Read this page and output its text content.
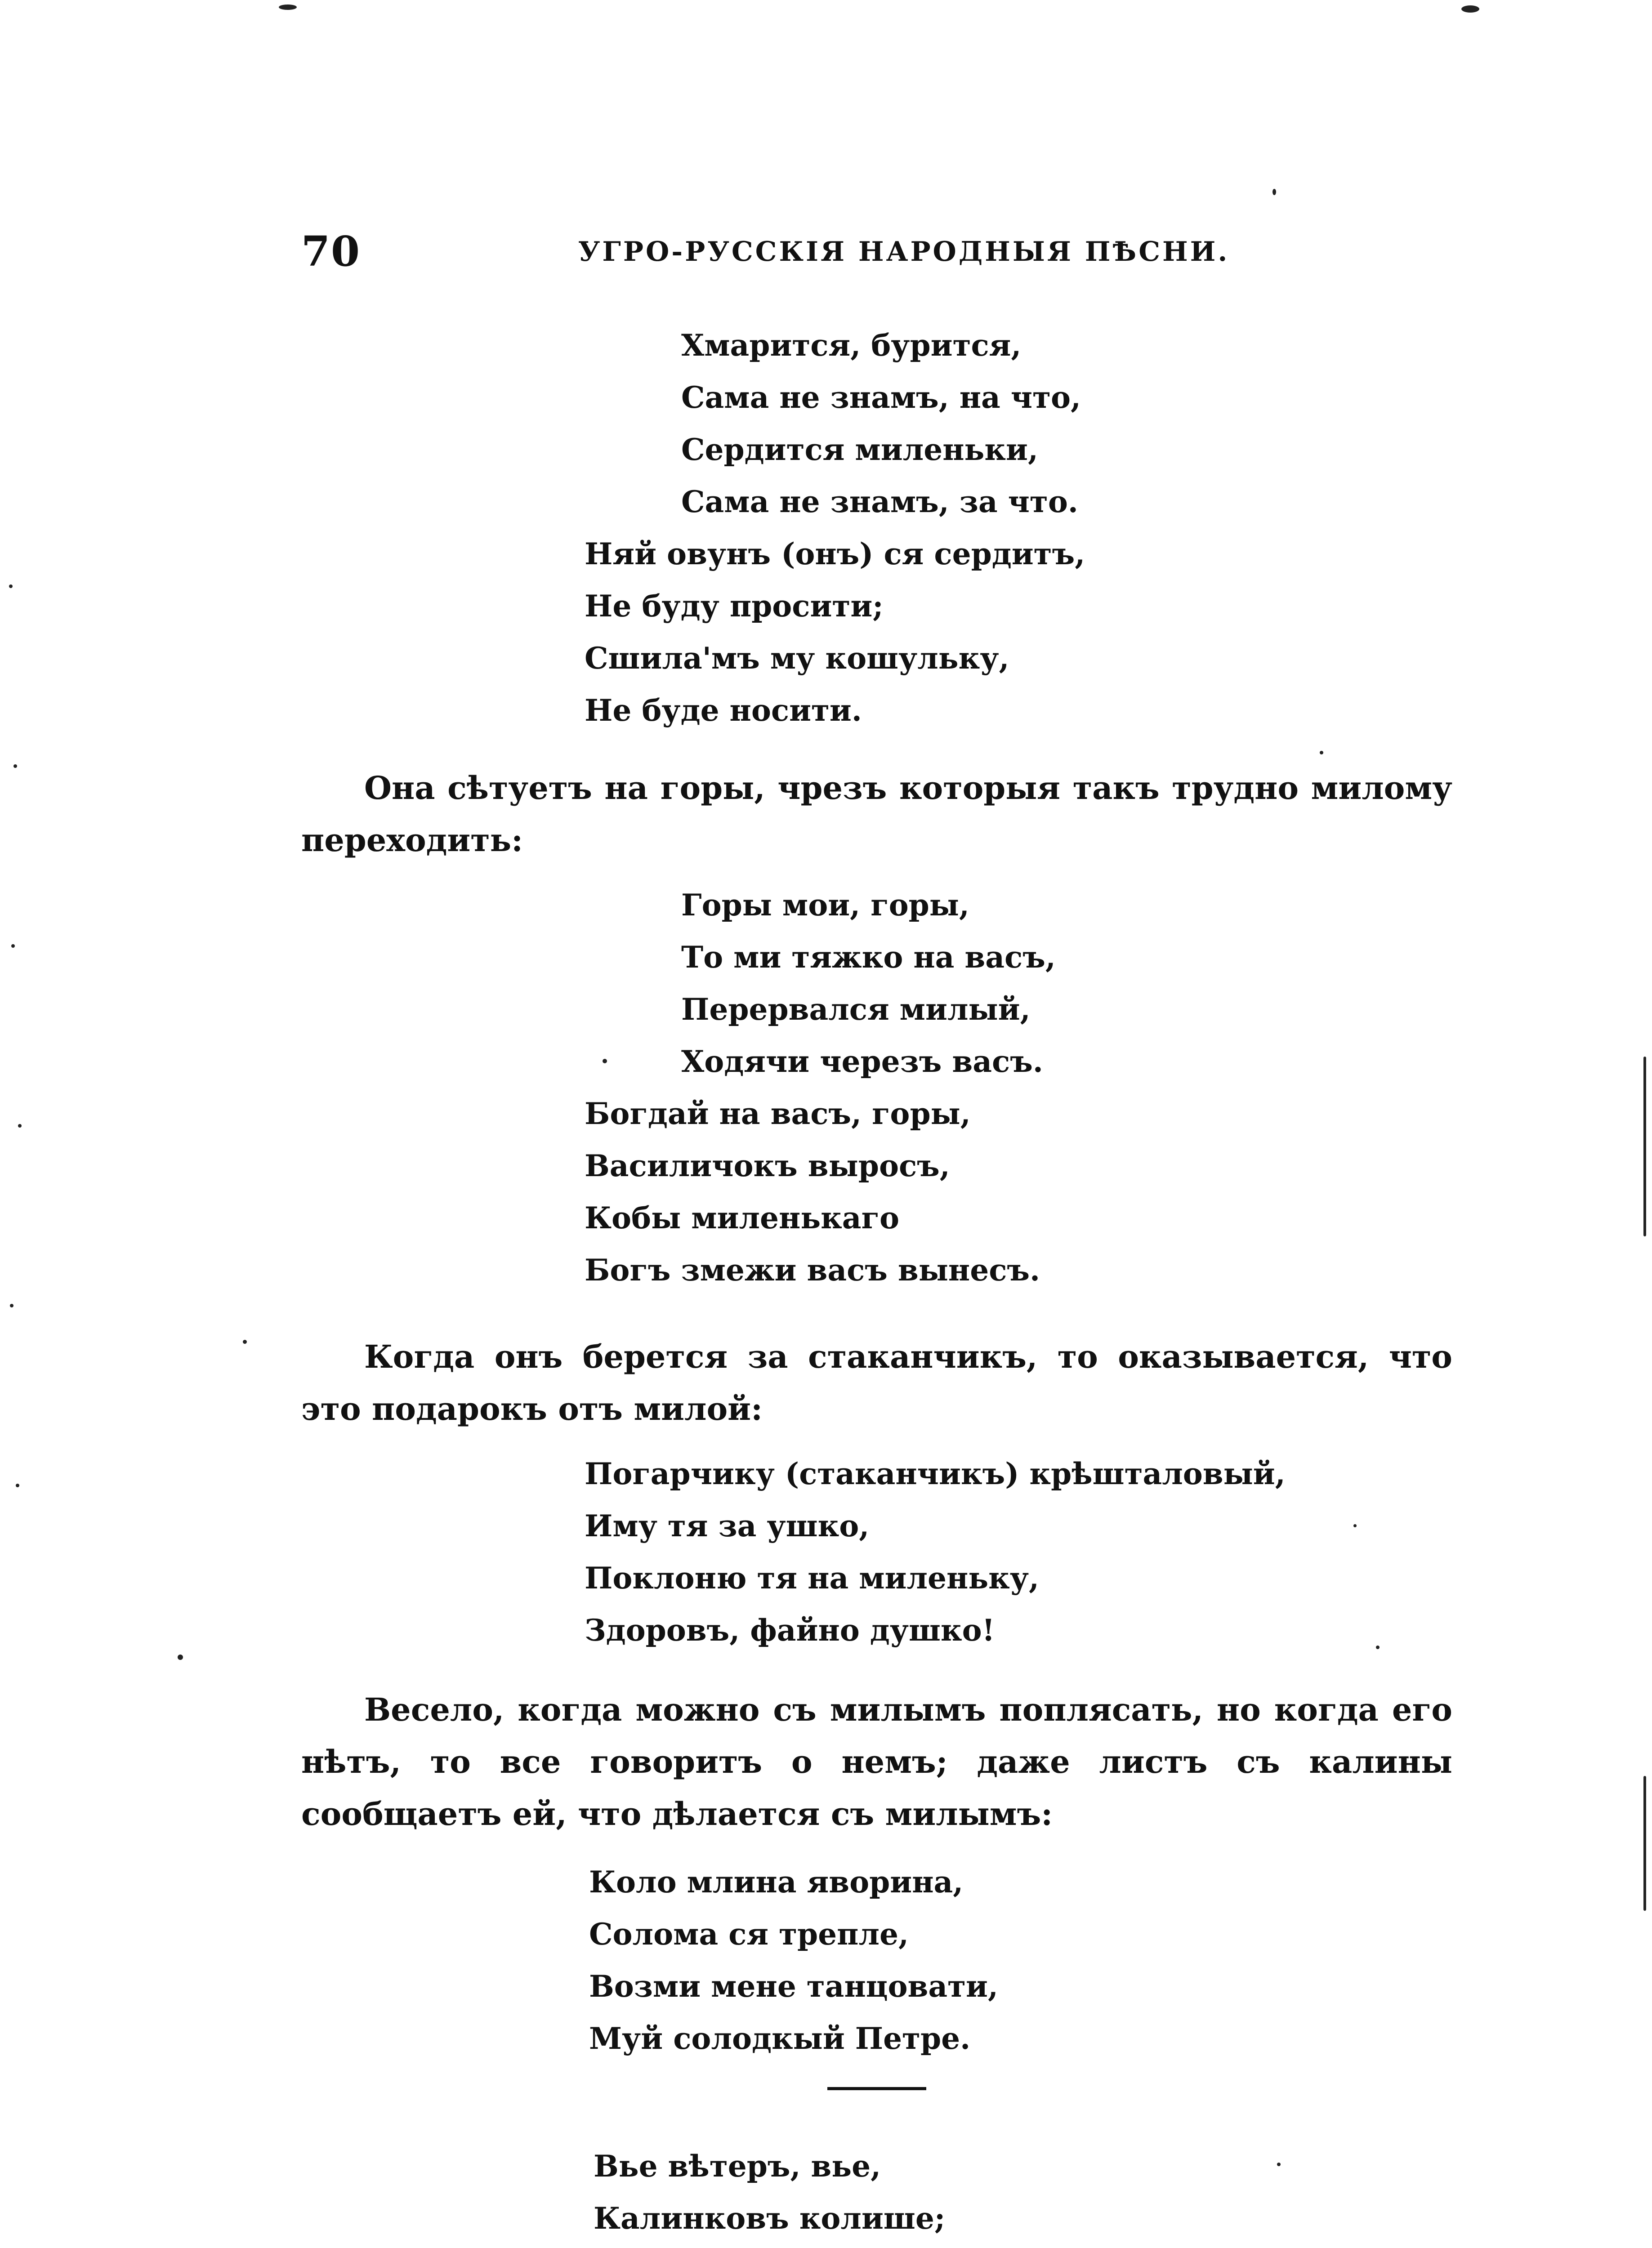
70	УГРО-РУССКІЯ НАРОДНЫЯ ПѢСНИ.
Хмарится, бурится,
Сама не знамъ, на что,
Сердится миленьки,
Сама не знамъ, за что.
Няй овунъ (онъ) ся сердитъ,
Не буду просити;
Сшила'мъ му кошульку,
Не буде носити.
Она сѣтуетъ на горы, чрезъ которыя такъ трудно милому переходить:
Горы мои, горы,
То ми тяжко на васъ,
Перервался милый,
Ходячи черезъ васъ.
Богдай на васъ, горы,
Василичокъ выросъ,
Кобы миленькаго
Богъ змежи васъ вынесъ.
Когда онъ берется за стаканчикъ, то оказывается, что это подарокъ отъ милой:
Погарчику (стаканчикъ) крѣшталовый,
Иму тя за ушко,
Поклоню тя на миленьку,
Здоровъ, файно душко!
Весело, когда можно съ милымъ поплясать, но когда его нѣтъ, то все говоритъ о немъ; даже листъ съ калины сообщаетъ ей, что дѣлается съ милымъ:
Коло млина яворина,
Солома ся трепле,
Возми мене танцовати,
Муй солодкый Петре.
Вье вѣтеръ, вье,
Калинковъ колише;
